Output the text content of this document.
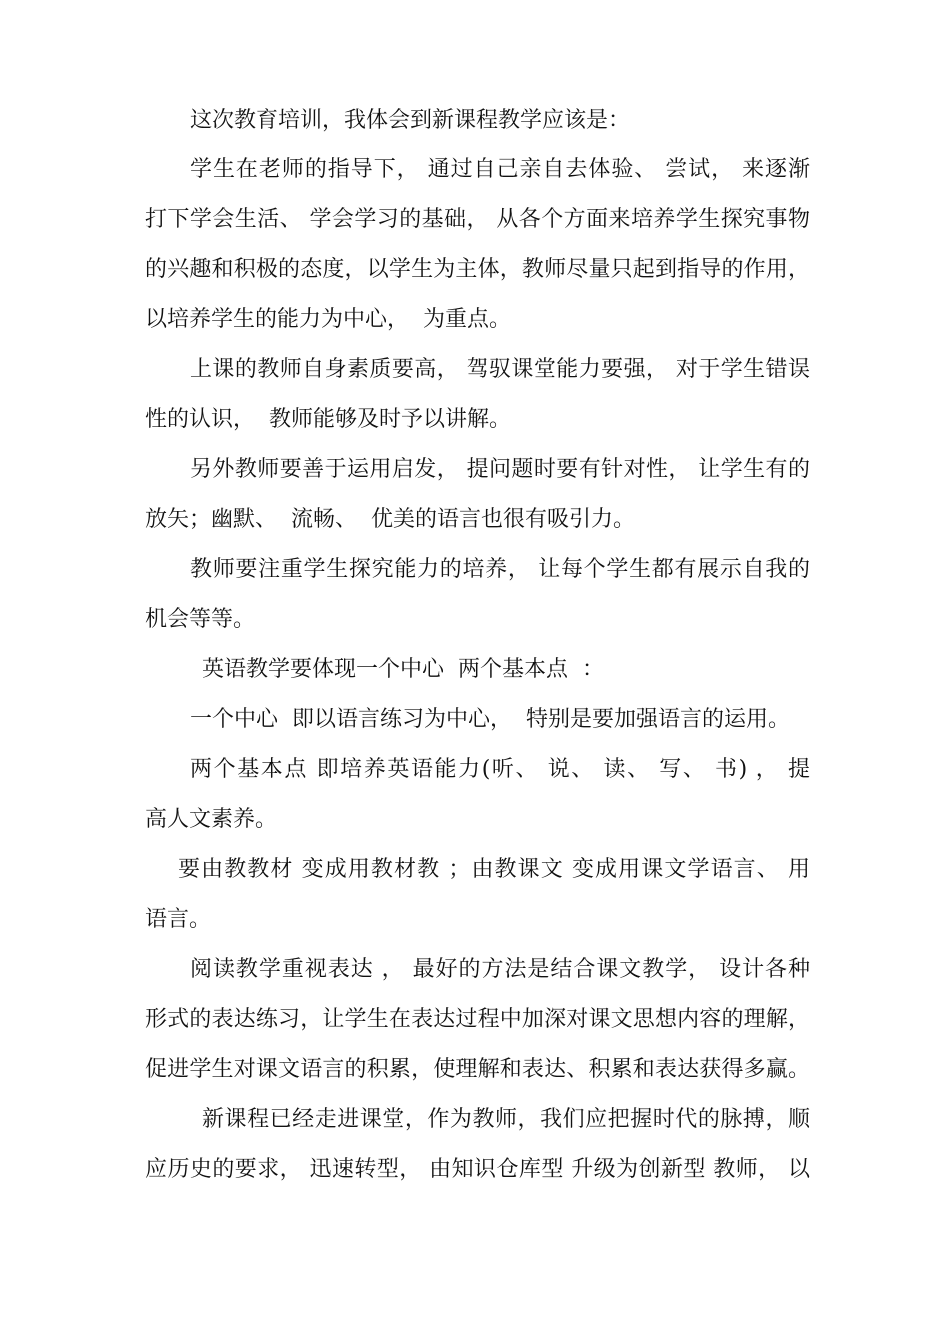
这次教育培训，我体会到新课程教学应该是：
学生在老师的指导下， 通过自己亲自去体验、 尝试， 来逐渐
打下学会生活、 学会学习的基础， 从各个方面来培养学生探究事物
的兴趣和积极的态度，以学生为主体，教师尽量只起到指导的作用，
以培养学生的能力为中心，  为重点。
上课的教师自身素质要高， 驾驭课堂能力要强， 对于学生错误
性的认识，  教师能够及时予以讲解。
另外教师要善于运用启发， 提问题时要有针对性， 让学生有的
放矢；幽默、  流畅、  优美的语言也很有吸引力。
教师要注重学生探究能力的培养， 让每个学生都有展示自我的
机会等等。
英语教学要体现一个中心  两个基本点  ：
一个中心  即以语言练习为中心，  特别是要加强语言的运用。
两个基本点 即培养英语能力(听、 说、 读、 写、 书) ， 提
高人文素养。
要由教教材 变成用教材教 ；由教课文 变成用课文学语言、 用
语言。
阅读教学重视表达 ， 最好的方法是结合课文教学， 设计各种
形式的表达练习，让学生在表达过程中加深对课文思想内容的理解，
促进学生对课文语言的积累，使理解和表达、积累和表达获得多赢。
新课程已经走进课堂，作为教师，我们应把握时代的脉搏，顺
应历史的要求， 迅速转型， 由知识仓库型 升级为创新型 教师， 以
